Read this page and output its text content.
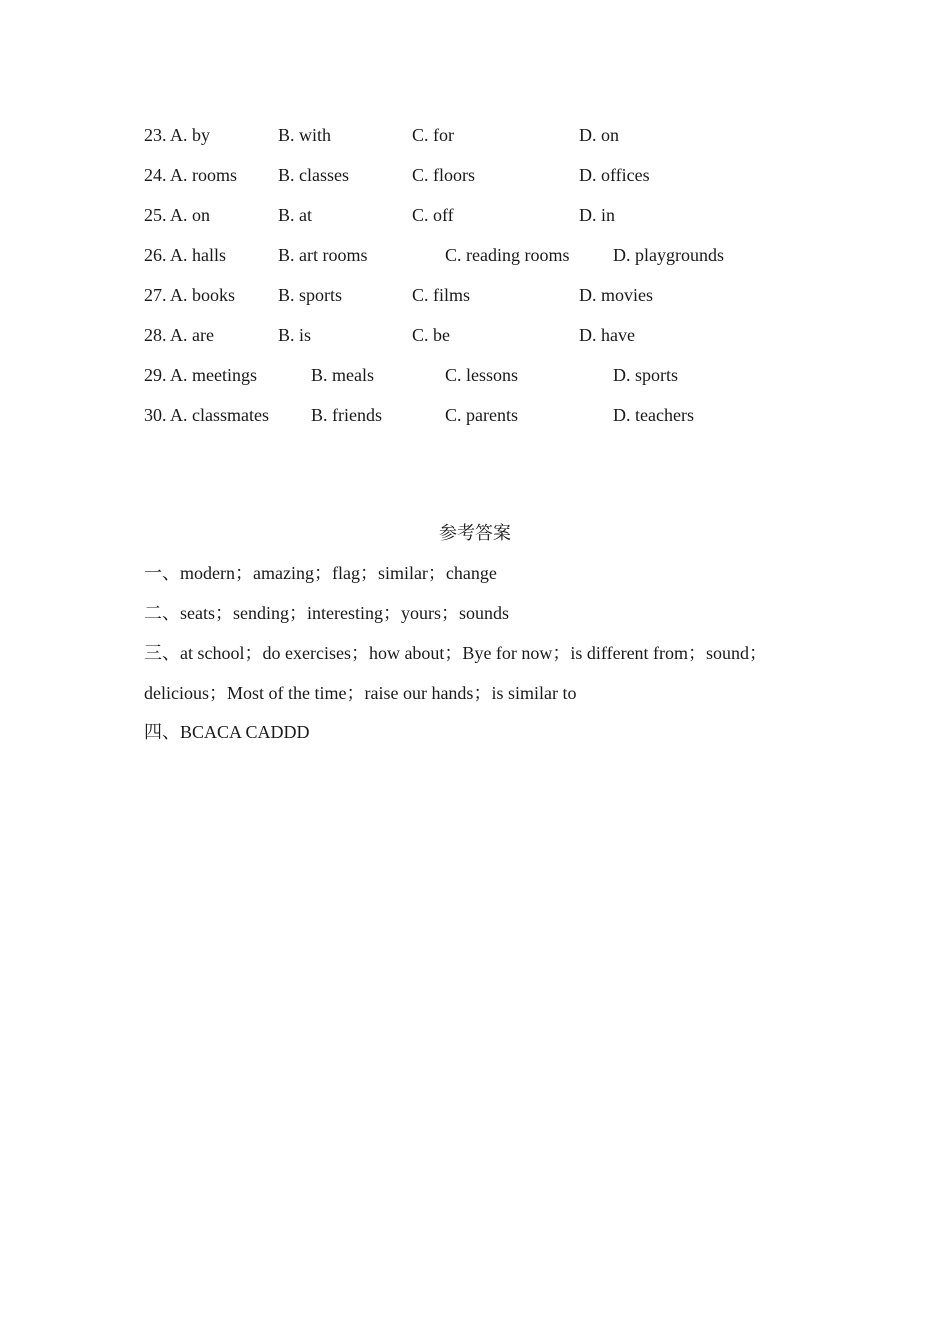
23. A. by	B. with	C. for	D. on
24. A. rooms B. classes	C. floors	D. offices
25. A. on	B. at	C. off	D. in
26. A. halls	B. art rooms	C. reading rooms D. playgrounds
27. A. books B. sports	C. films	D. movies
28. A. are	B. is	C. be	D. have
29. A. meetings	B. meals	C. lessons	D. sports
30. A. classmates B. friends	C. parents	D. teachers
参考答案
一、modern；amazing；flag；similar；change
二、seats；sending；interesting；yours；sounds
三、at school；do exercises；how about；Bye for now；is different from；sound；
delicious；Most of the time；raise our hands；is similar to
四、BCACA CADDD
